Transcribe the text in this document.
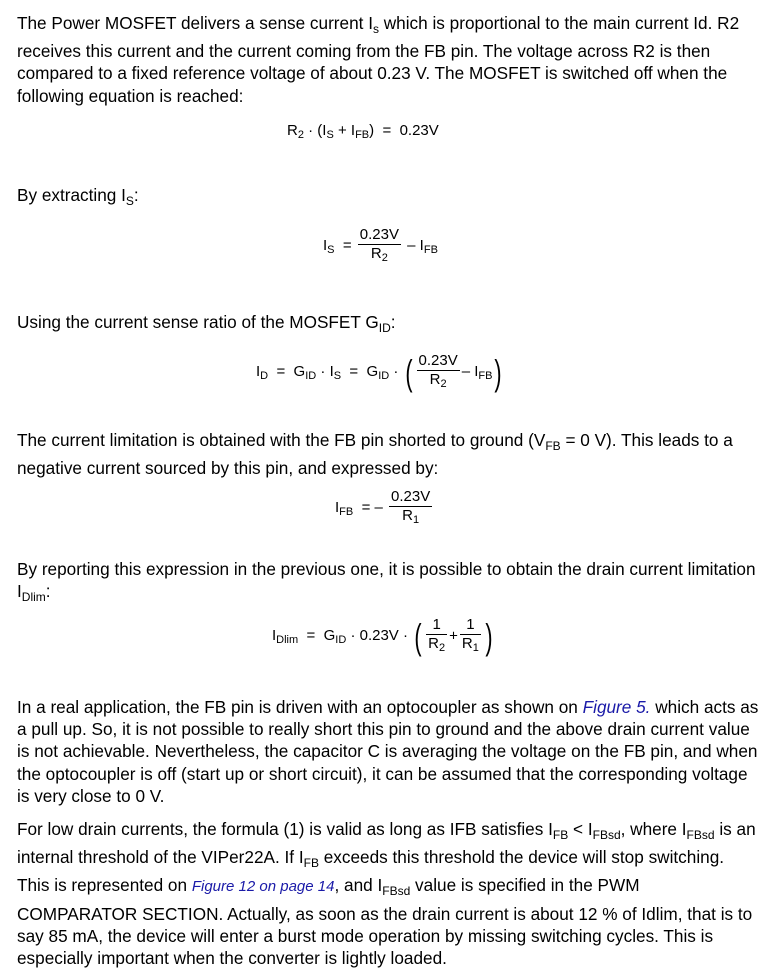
The Power MOSFET delivers a sense current $I_s$ which is proportional to the main current Id. R2 receives this current and the current coming from the FB pin. The voltage across R2 is then compared to a fixed reference voltage of about 0.23 V. The MOSFET is switched off when the following equation is reached:
$R_2 \cdot (I_S + I_{FB}) = 0.23V$
By extracting $I_S$:
$I_S = \frac{0.23V}{R_2} - I_{FB}$
Using the current sense ratio of the MOSFET $G_{ID}$:
$I_D = G_{ID} \cdot I_S = G_{ID}$ · ( $\frac{0.23V}{R_2} - I_{FB}$)
The current limitation is obtained with the FB pin shorted to ground ($V_{FB} = 0$ V). This leads to a negative current sourced by this pin, and expressed by:
$I_{FB}$  = – $\frac{0.23V}{R_1}$
By reporting this expression in the previous one, it is possible to obtain the drain current limitation $I_{Dlim}$:
$I_{Dlim} = G_{ID} \cdot 0.23V$ · ( $\frac{1}{R_2} + \frac{1}{R_1}$ )
In a real application, the FB pin is driven with an optocoupler as shown on Figure 5. which acts as a pull up. So, it is not possible to really short this pin to ground and the above drain current value is not achievable. Nevertheless, the capacitor C is averaging the voltage on the FB pin, and when the optocoupler is off (start up or short circuit), it can be assumed that the corresponding voltage is very close to 0 V.
For low drain currents, the formula (1) is valid as long as IFB satisfies $I_{FB} < I_{FBsd}$, where $I_{FBsd}$ is an internal threshold of the VIPer22A. If $I_{FB}$ exceeds this threshold the device will stop switching. This is represented on Figure 12 on page 14, and $I_{FBsd}$ value is specified in the PWM COMPARATOR SECTION. Actually, as soon as the drain current is about 12 % of Idlim, that is to say 85 mA, the device will enter a burst mode operation by missing switching cycles. This is especially important when the converter is lightly loaded.
